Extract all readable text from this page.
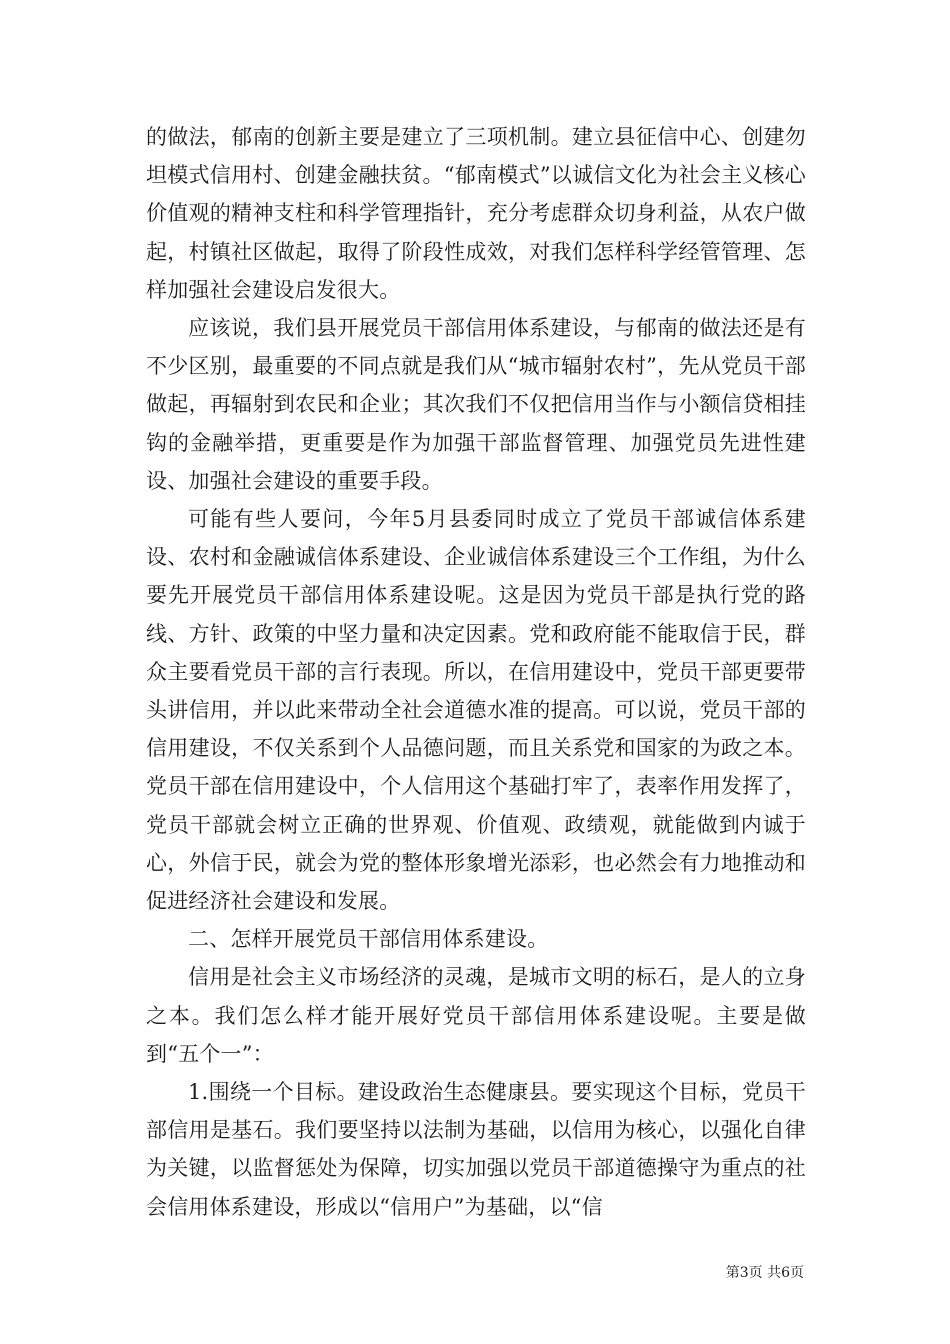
的做法，郁南的创新主要是建立了三项机制。建立县征信中心、创建勿坦模式信用村、创建金融扶贫。“郁南模式”以诚信文化为社会主义核心价值观的精神支柱和科学管理指针，充分考虑群众切身利益，从农户做起，村镇社区做起，取得了阶段性成效，对我们怎样科学经管管理、怎样加强社会建设启发很大。

应该说，我们县开展党员干部信用体系建设，与郁南的做法还是有不少区别，最重要的不同点就是我们从“城市辐射农村”，先从党员干部做起，再辐射到农民和企业；其次我们不仅把信用当作与小额信贷相挂钩的金融举措，更重要是作为加强干部监督管理、加强党员先进性建设、加强社会建设的重要手段。

可能有些人要问，今年5月县委同时成立了党员干部诚信体系建设、农村和金融诚信体系建设、企业诚信体系建设三个工作组，为什么要先开展党员干部信用体系建设呢。这是因为党员干部是执行党的路线、方针、政策的中坚力量和决定因素。党和政府能不能取信于民，群众主要看党员干部的言行表现。所以，在信用建设中，党员干部更要带头讲信用，并以此来带动全社会道德水准的提高。可以说，党员干部的信用建设，不仅关系到个人品德问题，而且关系党和国家的为政之本。党员干部在信用建设中，个人信用这个基础打牢了，表率作用发挥了，党员干部就会树立正确的世界观、价值观、政绩观，就能做到内诚于心，外信于民，就会为党的整体形象增光添彩，也必然会有力地推动和促进经济社会建设和发展。

二、怎样开展党员干部信用体系建设。

信用是社会主义市场经济的灵魂，是城市文明的标石，是人的立身之本。我们怎么样才能开展好党员干部信用体系建设呢。主要是做到“五个一”：

1.围绕一个目标。建设政治生态健康县。要实现这个目标，党员干部信用是基石。我们要坚持以法制为基础，以信用为核心，以强化自律为关键，以监督惩处为保障，切实加强以党员干部道德操守为重点的社会信用体系建设，形成以“信用户”为基础，以“信

第3页 共6页
